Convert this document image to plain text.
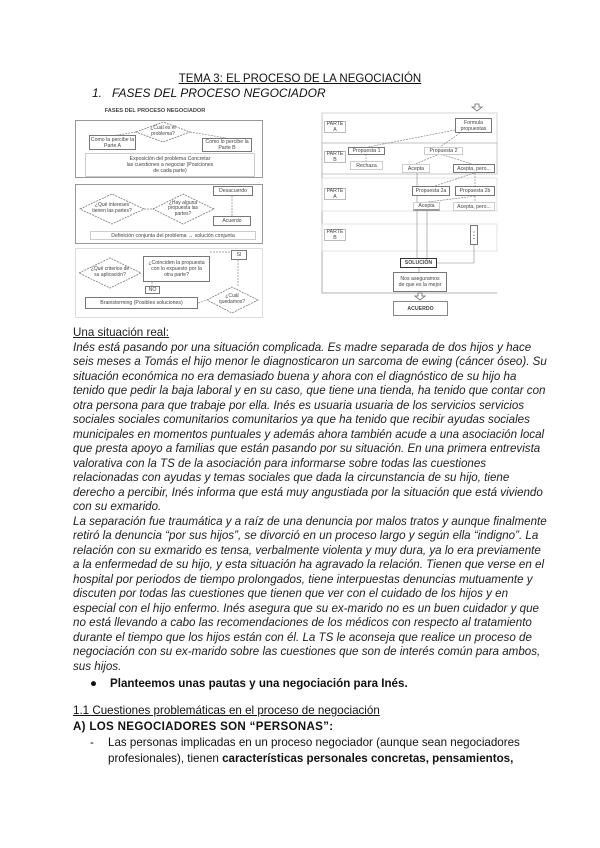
TEMA 3: EL PROCESO DE LA NEGOCIACIÓN
1. FASES DEL PROCESO NEGOCIADOR
FASES DEL PROCESO NEGOCIADOR
¿Cuál es el problema?
Como la percibe la Parte A
Como lo percibe la Parte B
Exposición del problema Concretar las cuestiones a negociar (Posiciones de cada parte)
¿Qué intereses tienen las partes?
¿Hay alguna propuesta las partes?
Desacuerdo
Acuerdo
Definición conjunta del problema → solución conjunta
¿Qué criterios de su aplicación?
¿Coinciden la propuesta con lo expuesto por la otra parte?
SI
NO
¿Cuál quedamos?
Brainstorming (Posibles soluciones)
PARTE A
PARTE B
PARTE A
PARTE B
Formula propuestas
Propuesta 1
Rechaza
Propuesta 2
Acepta	Acepta, pero...
Propuesta 2a	Propuesta 2b
Acepta	Acepta, pero...
⋮
SOLUCIÓN
Nos aseguramos de que es la mejor
ACUERDO
Una situación real:
Inés está pasando por una situación complicada. Es madre separada de dos hijos y hace
seis meses a Tomás el hijo menor le diagnosticaron un sarcoma de ewing (cáncer óseo). Su
situación económica no era demasiado buena y ahora con el diagnóstico de su hijo ha
tenido que pedir la baja laboral y en su caso, que tiene una tienda, ha tenido que contar con
otra persona para que trabaje por ella. Inés es usuaria usuaria de los servicios servicios
sociales sociales comunitarios comunitarios ya que ha tenido que recibir ayudas sociales
municipales en momentos puntuales y además ahora también acude a una asociación local
que presta apoyo a familias que están pasando por su situación. En una primera entrevista
valorativa con la TS de la asociación para informarse sobre todas las cuestiones
relacionadas con ayudas y temas sociales que dada la circunstancia de su hijo, tiene
derecho a percibir, Inés informa que está muy angustiada por la situación que está viviendo
con su exmarido.
La separación fue traumática y a raíz de una denuncia por malos tratos y aunque finalmente
retiró la denuncia “por sus hijos”, se divorció en un proceso largo y según ella “indigno”. La
relación con su exmarido es tensa, verbalmente violenta y muy dura, ya lo era previamente
a la enfermedad de su hijo, y esta situación ha agravado la relación. Tienen que verse en el
hospital por periodos de tiempo prolongados, tiene interpuestas denuncias mutuamente y
discuten por todas las cuestiones que tienen que ver con el cuidado de los hijos y en
especial con el hijo enfermo. Inés asegura que su ex-marido no es un buen cuidador y que
no está llevando a cabo las recomendaciones de los médicos con respecto al tratamiento
durante el tiempo que los hijos están con él. La TS le aconseja que realice un proceso de
negociación con su ex-marido sobre las cuestiones que son de interés común para ambos,
sus hijos.
● Planteemos unas pautas y una negociación para Inés.
1.1 Cuestiones problemáticas en el proceso de negociación
A) LOS NEGOCIADORES SON “PERSONAS”:
- Las personas implicadas en un proceso negociador (aunque sean negociadores
profesionales), tienen características personales concretas, pensamientos,
